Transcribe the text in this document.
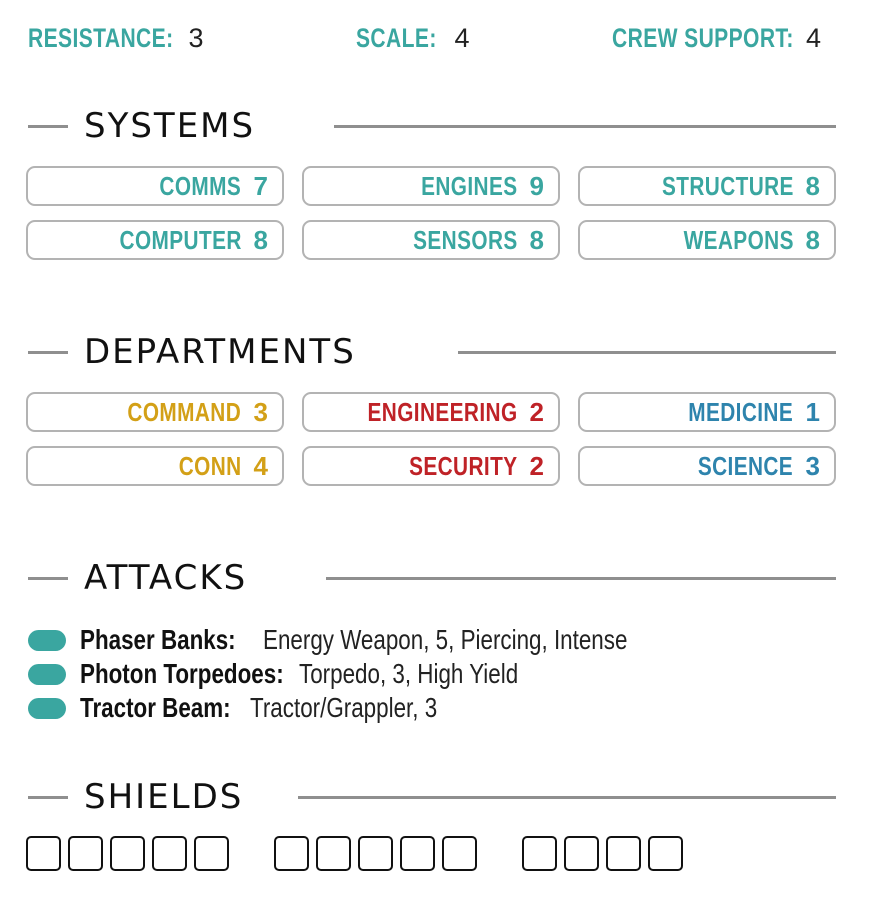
RESISTANCE: 3	SCALE: 4	CREW SUPPORT: 4
SYSTEMS
COMMS 7	ENGINES 9	STRUCTURE 8
COMPUTER 8	SENSORS 8	WEAPONS 8
DEPARTMENTS
COMMAND 3	ENGINEERING 2	MEDICINE 1
CONN 4	SECURITY 2	SCIENCE 3
ATTACKS
Phaser Banks: Energy Weapon, 5, Piercing, Intense
Photon Torpedoes: Torpedo, 3, High Yield
Tractor Beam: Tractor/Grappler, 3
SHIELDS
